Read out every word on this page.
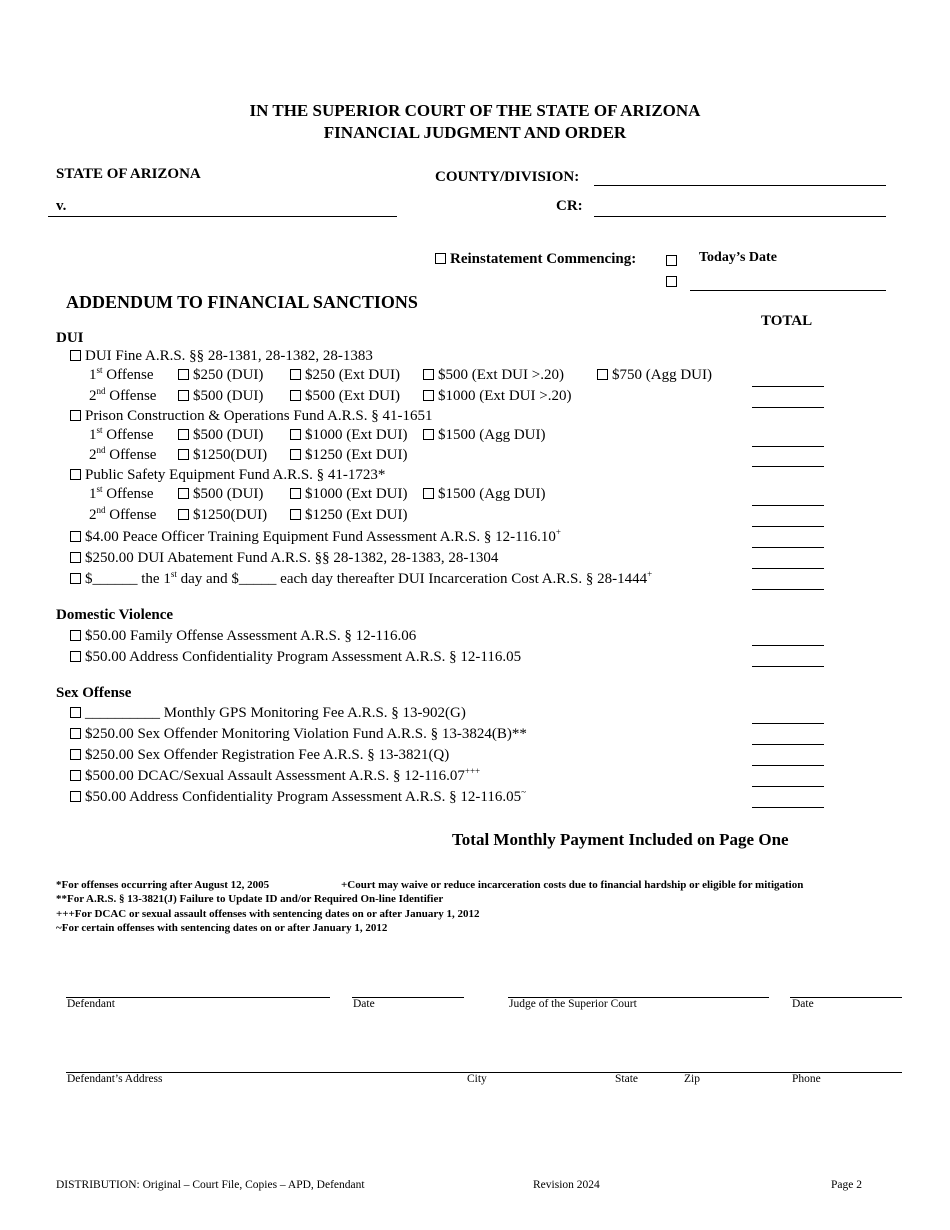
IN THE SUPERIOR COURT OF THE STATE OF ARIZONA
FINANCIAL JUDGMENT AND ORDER
STATE OF ARIZONA
v.
COUNTY/DIVISION:
CR:
Reinstatement Commencing:	Today’s Date
ADDENDUM TO FINANCIAL SANCTIONS
TOTAL
DUI
DUI Fine A.R.S. §§ 28-1381, 28-1382, 28-1383
1st Offense	$250 (DUI)	$250 (Ext DUI)	$500 (Ext DUI >.20)	$750 (Agg DUI)
2nd Offense	$500 (DUI)	$500 (Ext DUI)	$1000 (Ext DUI >.20)
Prison Construction & Operations Fund A.R.S. § 41-1651
1st Offense	$500 (DUI)	$1000 (Ext DUI)	$1500 (Agg DUI)
2nd Offense	$1250(DUI)	$1250 (Ext DUI)
Public Safety Equipment Fund A.R.S. § 41-1723*
1st Offense	$500 (DUI)	$1000 (Ext DUI)	$1500 (Agg DUI)
2nd Offense	$1250(DUI)	$1250 (Ext DUI)
$4.00 Peace Officer Training Equipment Fund Assessment A.R.S. § 12-116.10+
$250.00 DUI Abatement Fund A.R.S. §§ 28-1382, 28-1383, 28-1304
$______ the 1st day and $_____ each day thereafter DUI Incarceration Cost A.R.S. § 28-1444+
Domestic Violence
$50.00 Family Offense Assessment A.R.S. § 12-116.06
$50.00 Address Confidentiality Program Assessment A.R.S. § 12-116.05
Sex Offense
__________ Monthly GPS Monitoring Fee A.R.S. § 13-902(G)
$250.00 Sex Offender Monitoring Violation Fund A.R.S. § 13-3824(B)**
$250.00 Sex Offender Registration Fee A.R.S. § 13-3821(Q)
$500.00 DCAC/Sexual Assault Assessment A.R.S. § 12-116.07+++
$50.00 Address Confidentiality Program Assessment A.R.S. § 12-116.05~
Total Monthly Payment Included on Page One
*For offenses occurring after August 12, 2005	+Court may waive or reduce incarceration costs due to financial hardship or eligible for mitigation
**For A.R.S. § 13-3821(J) Failure to Update ID and/or Required On-line Identifier
+++For DCAC or sexual assault offenses with sentencing dates on or after January 1, 2012
~For certain offenses with sentencing dates on or after January 1, 2012
Defendant	Date	Judge of the Superior Court	Date
Defendant’s Address	City	State	Zip	Phone
DISTRIBUTION: Original – Court File, Copies – APD, Defendant	Revision 2024	Page 2
